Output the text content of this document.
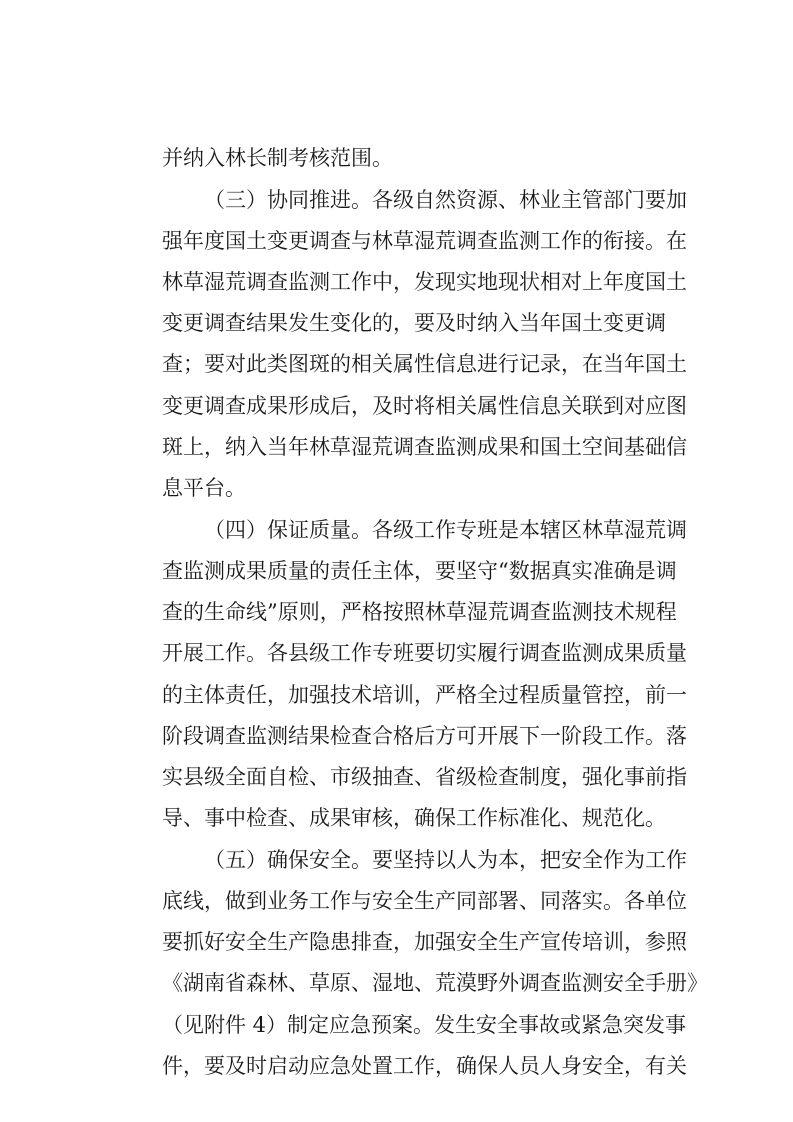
并纳入林长制考核范围。
（三）协同推进。各级自然资源、林业主管部门要加
强年度国土变更调查与林草湿荒调查监测工作的衔接。在
林草湿荒调查监测工作中，发现实地现状相对上年度国土
变更调查结果发生变化的，要及时纳入当年国土变更调
查；要对此类图斑的相关属性信息进行记录，在当年国土
变更调查成果形成后，及时将相关属性信息关联到对应图
斑上，纳入当年林草湿荒调查监测成果和国土空间基础信
息平台。
（四）保证质量。各级工作专班是本辖区林草湿荒调
查监测成果质量的责任主体，要坚守“数据真实准确是调
查的生命线”原则，严格按照林草湿荒调查监测技术规程
开展工作。各县级工作专班要切实履行调查监测成果质量
的主体责任，加强技术培训，严格全过程质量管控，前一
阶段调查监测结果检查合格后方可开展下一阶段工作。落
实县级全面自检、市级抽查、省级检查制度，强化事前指
导、事中检查、成果审核，确保工作标准化、规范化。
（五）确保安全。要坚持以人为本，把安全作为工作
底线，做到业务工作与安全生产同部署、同落实。各单位
要抓好安全生产隐患排查，加强安全生产宣传培训，参照
《湖南省森林、草原、湿地、荒漠野外调查监测安全手册》
（见附件 4）制定应急预案。发生安全事故或紧急突发事
件，要及时启动应急处置工作，确保人员人身安全，有关
